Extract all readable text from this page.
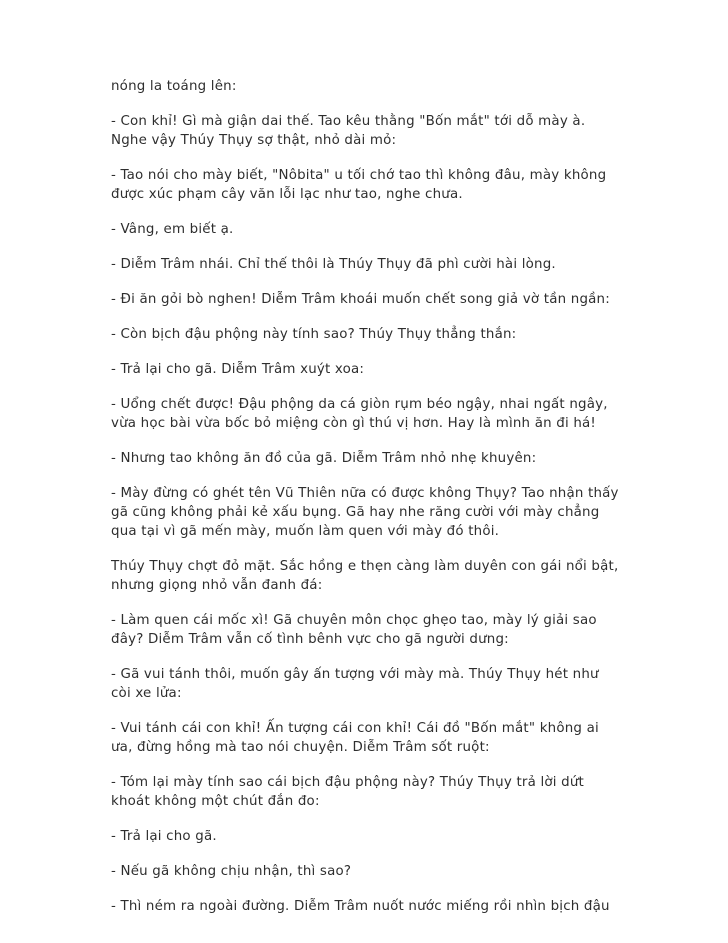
nóng la toáng lên:

- Con khỉ! Gì mà giận dai thế. Tao kêu thằng "Bốn mắt" tới dỗ mày à. Nghe vậy Thúy Thụy sợ thật, nhỏ dài mỏ:

- Tao nói cho mày biết, "Nôbita" u tối chớ tao thì không đâu, mày không được xúc phạm cây văn lỗi lạc như tao, nghe chưa.

- Vâng, em biết ạ.

- Diễm Trâm nhái. Chỉ thế thôi là Thúy Thụy đã phì cười hài lòng.

- Đi ăn gỏi bò nghen! Diễm Trâm khoái muốn chết song giả vờ tần ngần:

- Còn bịch đậu phộng này tính sao? Thúy Thụy thẳng thắn:

- Trả lại cho gã. Diễm Trâm xuýt xoa:

- Uổng chết được! Đậu phộng da cá giòn rụm béo ngậy, nhai ngất ngây, vừa học bài vừa bốc bỏ miệng còn gì thú vị hơn. Hay là mình ăn đi há!

- Nhưng tao không ăn đồ của gã. Diễm Trâm nhỏ nhẹ khuyên:

- Mày đừng có ghét tên Vũ Thiên nữa có được không Thụy? Tao nhận thấy gã cũng không phải kẻ xấu bụng. Gã hay nhe răng cười với mày chẳng qua tại vì gã mến mày, muốn làm quen với mày đó thôi.

Thúy Thụy chợt đỏ mặt. Sắc hồng e thẹn càng làm duyên con gái nổi bật, nhưng giọng nhỏ vẫn đanh đá:

- Làm quen cái mốc xì! Gã chuyên môn chọc ghẹo tao, mày lý giải sao đây? Diễm Trâm vẫn cố tình bênh vực cho gã người dưng:

- Gã vui tánh thôi, muốn gây ấn tượng với mày mà. Thúy Thụy hét như còi xe lửa:

- Vui tánh cái con khỉ! Ấn tượng cái con khỉ! Cái đồ "Bốn mắt" không ai ưa, đừng hồng mà tao nói chuyện. Diễm Trâm sốt ruột:

- Tóm lại mày tính sao cái bịch đậu phộng này? Thúy Thụy trả lời dứt khoát không một chút đắn đo:

- Trả lại cho gã.

- Nếu gã không chịu nhận, thì sao?

- Thì ném ra ngoài đường. Diễm Trâm nuốt nước miếng rồi nhìn bịch đậu
